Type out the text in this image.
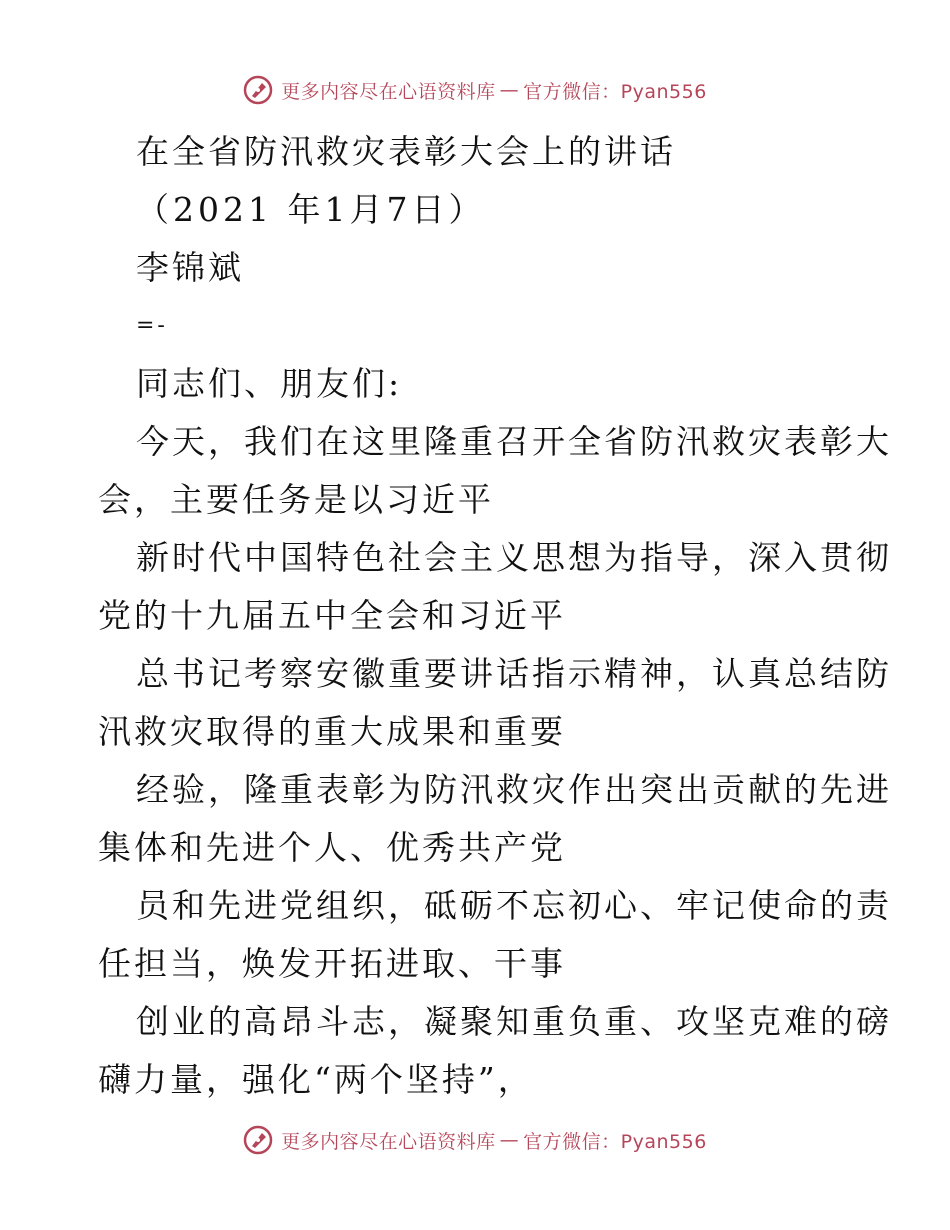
更多内容尽在心语资料库 — 官方微信：Pyan556
在全省防汛救灾表彰大会上的讲话
（2021 年1月7日）
李锦斌
=-
同志们、朋友们:
今天，我们在这里隆重召开全省防汛救灾表彰大
会，主要任务是以习近平
新时代中国特色社会主义思想为指导，深入贯彻
党的十九届五中全会和习近平
总书记考察安徽重要讲话指示精神，认真总结防
汛救灾取得的重大成果和重要
经验，隆重表彰为防汛救灾作出突出贡献的先进
集体和先进个人、优秀共产党
员和先进党组织，砥砺不忘初心、牢记使命的责
任担当，焕发开拓进取、干事
创业的高昂斗志，凝聚知重负重、攻坚克难的磅
礴力量，强化“两个坚持”，
更多内容尽在心语资料库 — 官方微信：Pyan556
